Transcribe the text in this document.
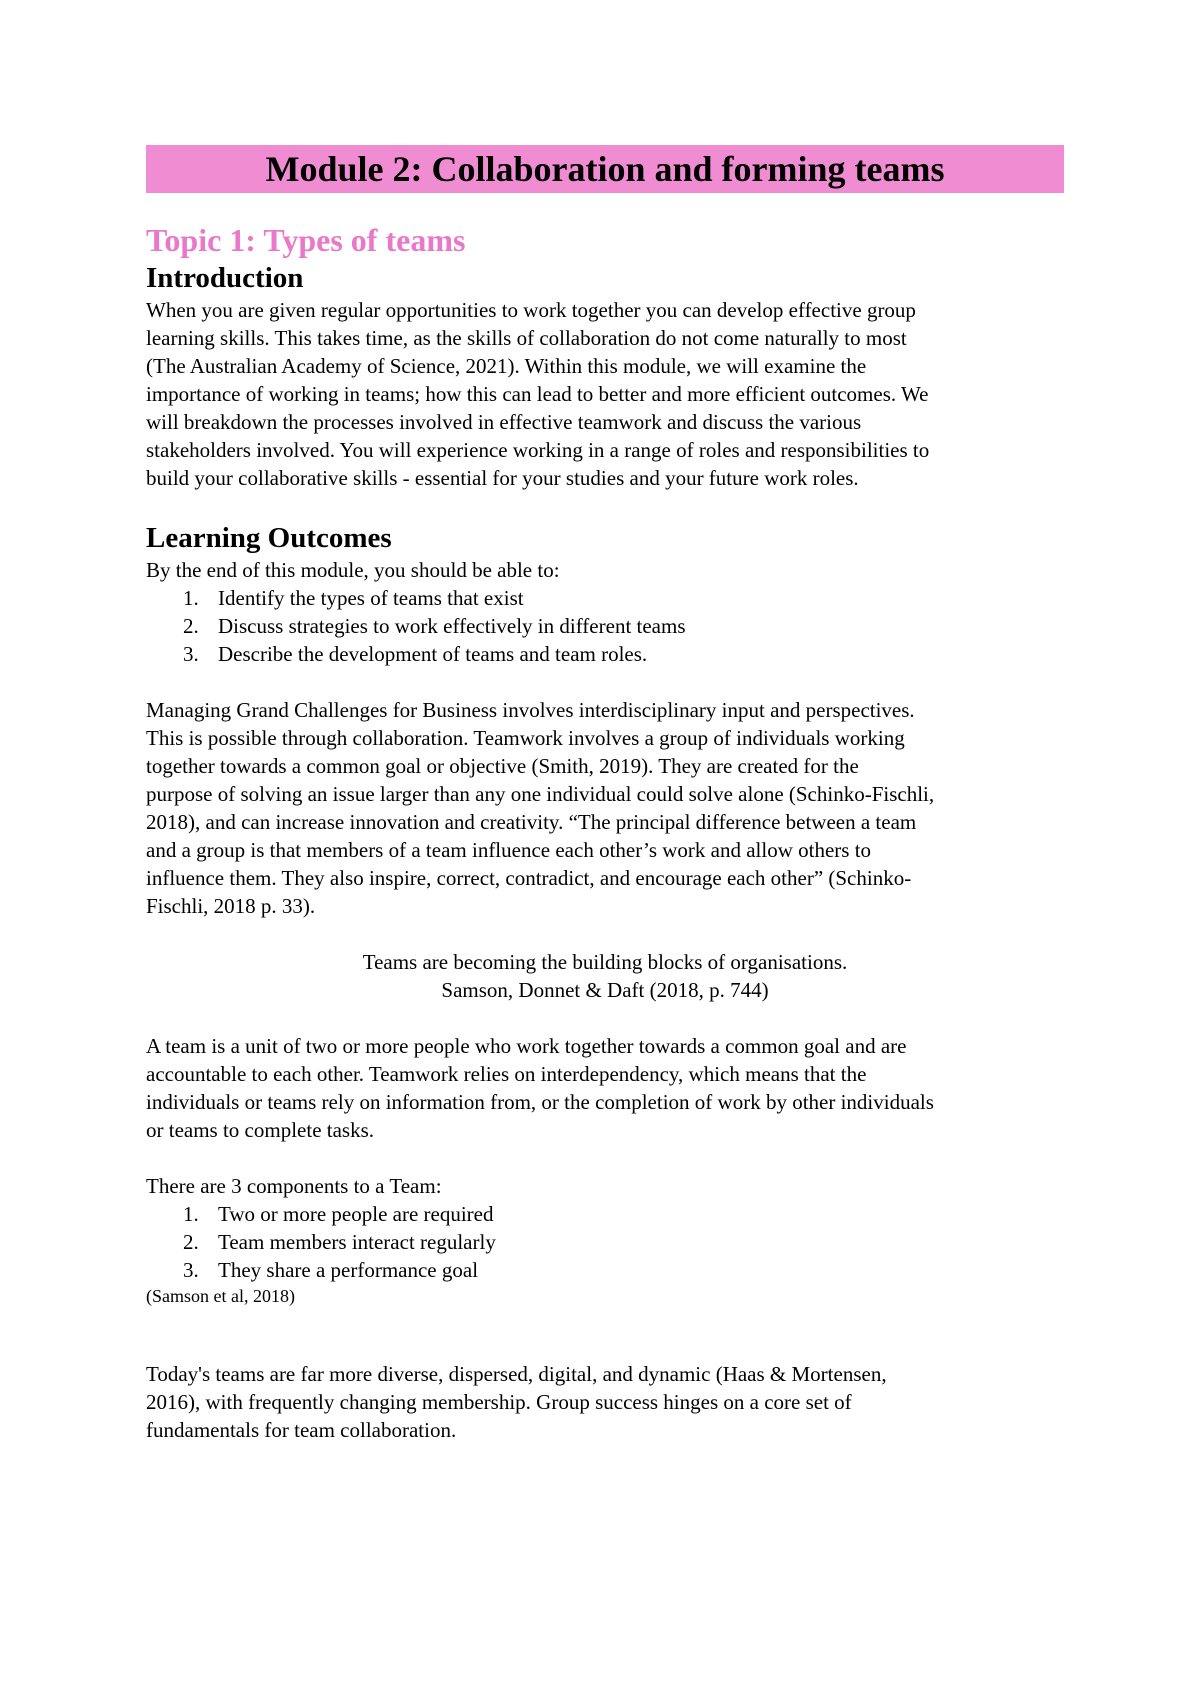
Module 2: Collaboration and forming teams
Topic 1: Types of teams
Introduction

When you are given regular opportunities to work together you can develop effective group

learning skills. This takes time, as the skills of collaboration do not come naturally to most

(The Australian Academy of Science, 2021). Within this module, we will examine the

importance of working in teams; how this can lead to better and more efficient outcomes. We

will breakdown the processes involved in effective teamwork and discuss the various

stakeholders involved. You will experience working in a range of roles and responsibilities to

build your collaborative skills - essential for your studies and your future work roles.

Learning Outcomes

By the end of this module, you should be able to:

1. Identify the types of teams that exist
2. Discuss strategies to work effectively in different teams
3. Describe the development of teams and team roles.

Managing Grand Challenges for Business involves interdisciplinary input and perspectives.

This is possible through collaboration. Teamwork involves a group of individuals working

together towards a common goal or objective (Smith, 2019). They are created for the

purpose of solving an issue larger than any one individual could solve alone (Schinko-Fischli,

2018), and can increase innovation and creativity. “The principal difference between a team

and a group is that members of a team influence each other’s work and allow others to

influence them. They also inspire, correct, contradict, and encourage each other” (Schinko-

Fischli, 2018 p. 33).

Teams are becoming the building blocks of organisations.

Samson, Donnet & Daft (2018, p. 744)

A team is a unit of two or more people who work together towards a common goal and are

accountable to each other. Teamwork relies on interdependency, which means that the

individuals or teams rely on information from, or the completion of work by other individuals

or teams to complete tasks.

There are 3 components to a Team:

1. Two or more people are required
2. Team members interact regularly
3. They share a performance goal
(Samson et al, 2018)

Today's teams are far more diverse, dispersed, digital, and dynamic (Haas & Mortensen,

2016), with frequently changing membership. Group success hinges on a core set of

fundamentals for team collaboration.
